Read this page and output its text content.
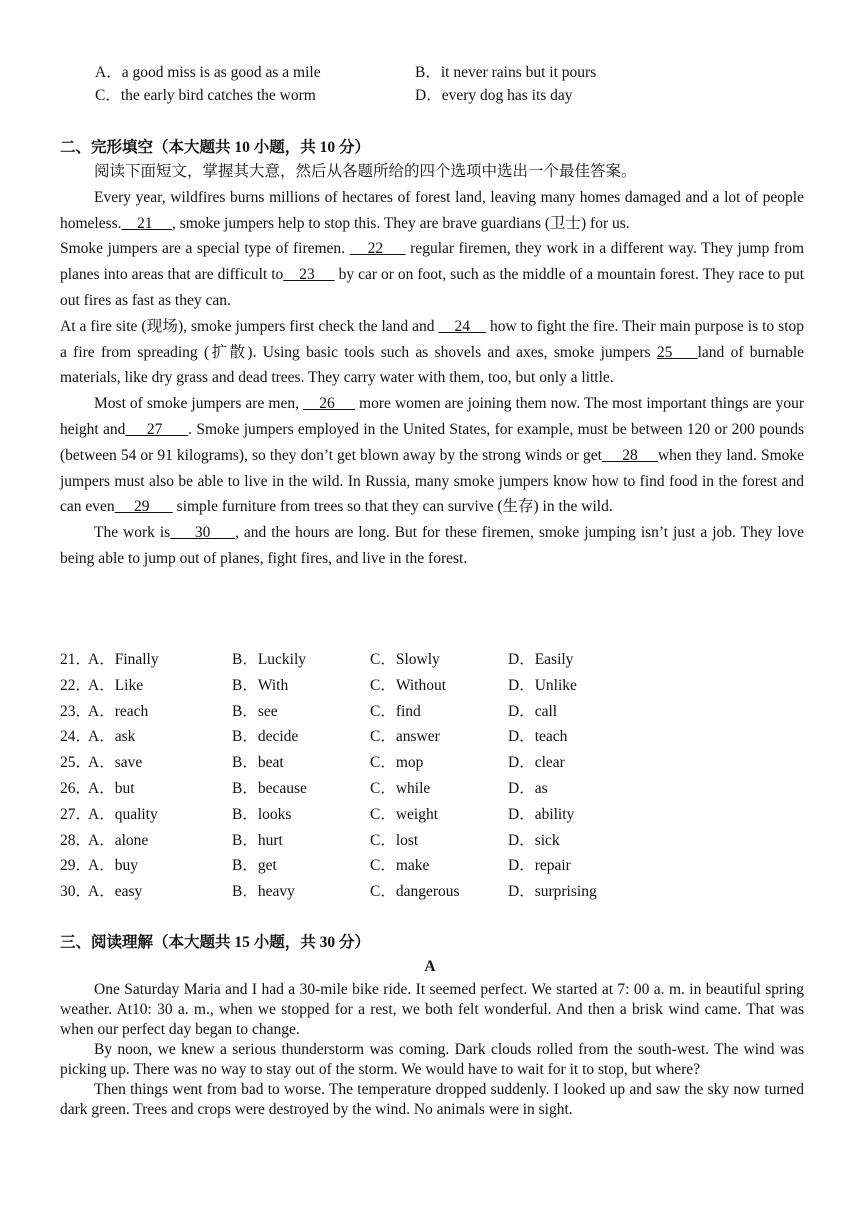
A．a good miss is as good as a mile	B．it never rains but it pours
C．the early bird catches the worm	D．every dog has its day
二、完形填空（本大题共 10 小题，共 10 分）

阅读下面短文，掌握其大意，然后从各题所给的四个选项中选出一个最佳答案。

Every year, wildfires burns millions of hectares of forest land, leaving many homes damaged and a lot of people homeless.    21     , smoke jumpers help to stop this. They are brave guardians (卫士) for us.

Smoke jumpers are a special type of firemen.     22      regular firemen, they work in a different way. They jump from planes into areas that are difficult to    23      by car or on foot, such as the middle of a mountain forest. They race to put out fires as fast as they can.

At a fire site (现场), smoke jumpers first check the land and     24     how to fight the fire. Their main purpose is to stop a fire from spreading (扩散). Using basic tools such as shovels and axes, smoke jumpers 25    land of burnable materials, like dry grass and dead trees. They carry water with them, too, but only a little.

Most of smoke jumpers are men,     26      more women are joining them now. The most important things are your height and     27      . Smoke jumpers employed in the United States, for example, must be between 120 or 200 pounds (between 54 or 91 kilograms), so they don’t get blown away by the strong winds or get     28     when they land. Smoke jumpers must also be able to live in the wild. In Russia, many smoke jumpers know how to find food in the forest and can even     29       simple furniture from trees so that they can survive (生存) in the wild.

The work is     30     , and the hours are long. But for these firemen, smoke jumping isn’t just a job. They love being able to jump out of planes, fight fires, and live in the forest.

21．
A．Finally	B．Luckily	C．Slowly	D．Easily
22．
A．Like	B．With	C．Without	D．Unlike
23．
A．reach	B．see	C．find	D．call
24．
A．ask	B．decide	C．answer	D．teach
25．
A．save	B．beat	C．mop	D．clear
26．
A．but	B．because	C．while	D．as
27．
A．quality	B．looks	C．weight	D．ability
28．
A．alone	B．hurt	C．lost	D．sick
29．
A．buy	B．get	C．make	D．repair
30．
A．easy	B．heavy	C．dangerous	D．surprising
三、阅读理解（本大题共 15 小题，共 30 分）
A

One Saturday Maria and I had a 30-mile bike ride. It seemed perfect. We started at 7: 00 a. m. in beautiful spring weather. At10: 30 a. m., when we stopped for a rest, we both felt wonderful. And then a brisk wind came. That was when our perfect day began to change.

By noon, we knew a serious thunderstorm was coming. Dark clouds rolled from the south-west. The wind was picking up. There was no way to stay out of the storm. We would have to wait for it to stop, but where?

Then things went from bad to worse. The temperature dropped suddenly. I looked up and saw the sky now turned dark green. Trees and crops were destroyed by the wind. No animals were in sight.
